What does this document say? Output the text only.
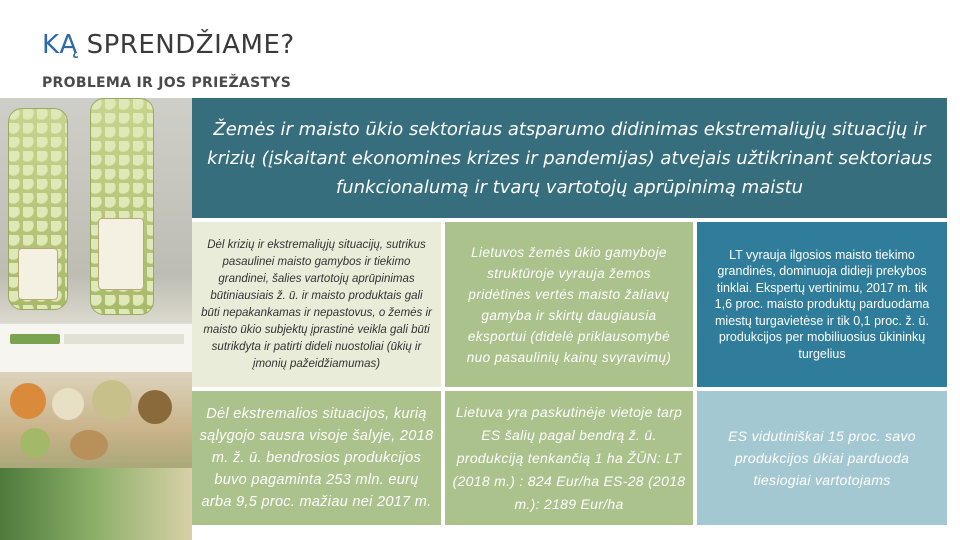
KĄ SPRENDŽIAME?
PROBLEMA IR JOS PRIEŽASTYS

Žemės ir maisto ūkio sektoriaus atsparumo didinimas ekstremaliųjų situacijų ir krizių (įskaitant ekonomines krizes ir pandemijas) atvejais užtikrinant sektoriaus funkcionalumą ir tvarų vartotojų aprūpinimą maistu

Dėl krizių ir ekstremaliųjų situacijų, sutrikus pasaulinei maisto gamybos ir tiekimo grandinei, šalies vartotojų aprūpinimas būtiniausiais ž. ū. ir maisto produktais gali būti nepakankamas ir nepastovus, o žemės ir maisto ūkio subjektų įprastinė veikla gali būti sutrikdyta ir patirti dideli nuostoliai (ūkių ir įmonių pažeidžiamumas)

Lietuvos žemės ūkio gamyboje struktūroje vyrauja žemos pridėtinės vertės maisto žaliavų gamyba ir skirtų daugiausia eksportui (didelė priklausomybė nuo pasaulinių kainų svyravimų)

LT vyrauja ilgosios maisto tiekimo grandinės, dominuoja didieji prekybos tinklai. Ekspertų vertinimu, 2017 m. tik 1,6 proc. maisto produktų parduodama miestų turgavietėse ir tik 0,1 proc. ž. ū. produkcijos per mobiliuosius ūkininkų turgelius

Dėl ekstremalios situacijos, kurią sąlygojo sausra visoje šalyje, 2018 m. ž. ū. bendrosios produkcijos buvo pagaminta 253 mln. eurų arba 9,5 proc. mažiau nei 2017 m.

Lietuva yra paskutinėje vietoje tarp ES šalių pagal bendrą ž. ū. produkciją tenkančią 1 ha ŽŪN: LT (2018 m.) : 824 Eur/ha ES-28 (2018 m.): 2189 Eur/ha

ES vidutiniškai 15 proc. savo produkcijos ūkiai parduoda tiesiogiai vartotojams
